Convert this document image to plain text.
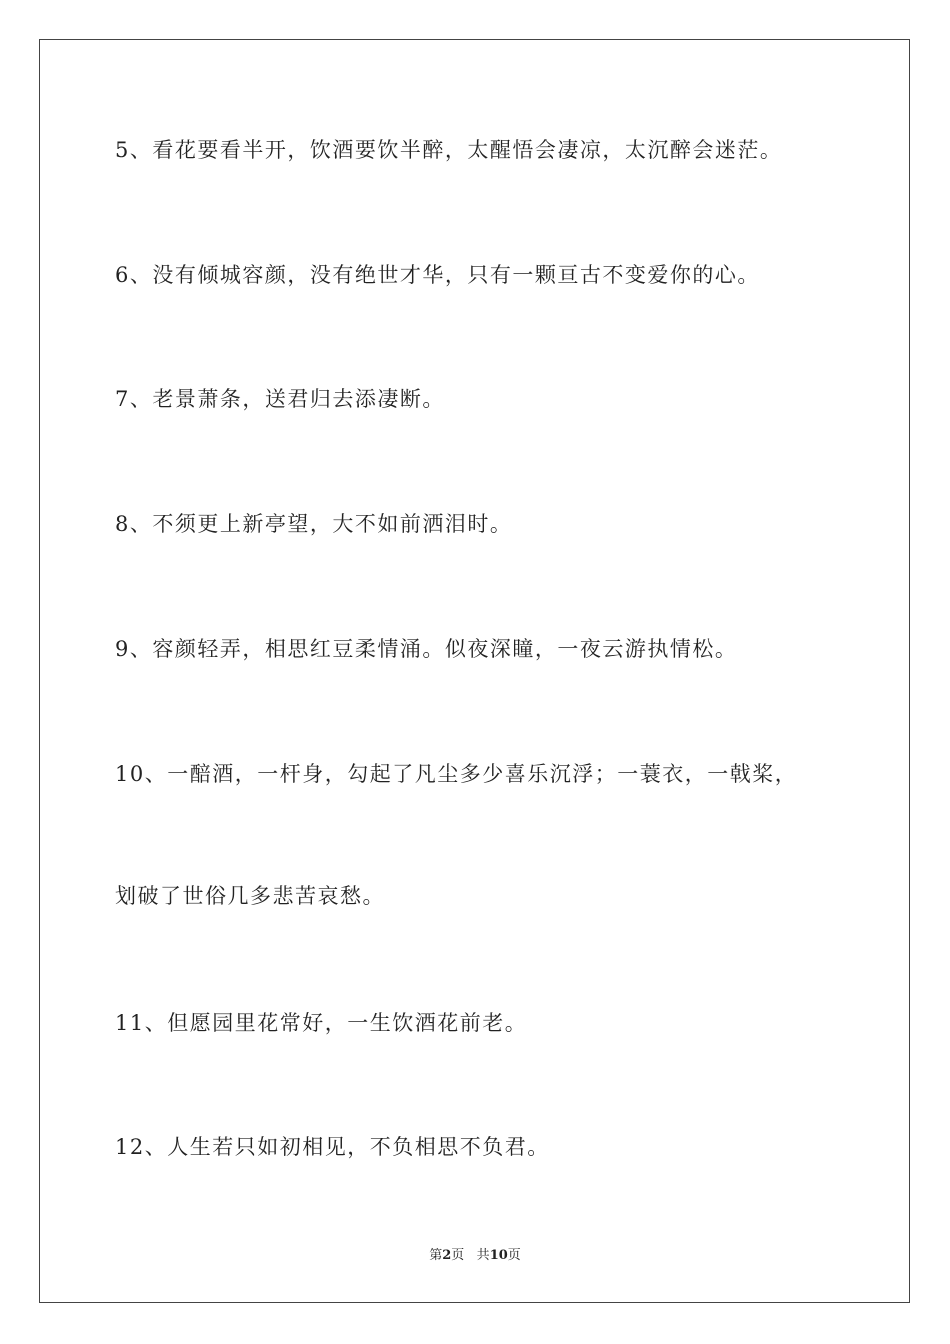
5、看花要看半开，饮酒要饮半醉，太醒悟会凄凉，太沉醉会迷茫。
6、没有倾城容颜，没有绝世才华，只有一颗亘古不变爱你的心。
7、老景萧条，送君归去添凄断。
8、不须更上新亭望，大不如前洒泪时。
9、容颜轻弄，相思红豆柔情涌。似夜深瞳，一夜云游执情松。
10、一醅酒，一杆身，勾起了凡尘多少喜乐沉浮；一蓑衣，一戟桨，
划破了世俗几多悲苦哀愁。
11、但愿园里花常好，一生饮酒花前老。
12、人生若只如初相见，不负相思不负君。
第2页 共10页
